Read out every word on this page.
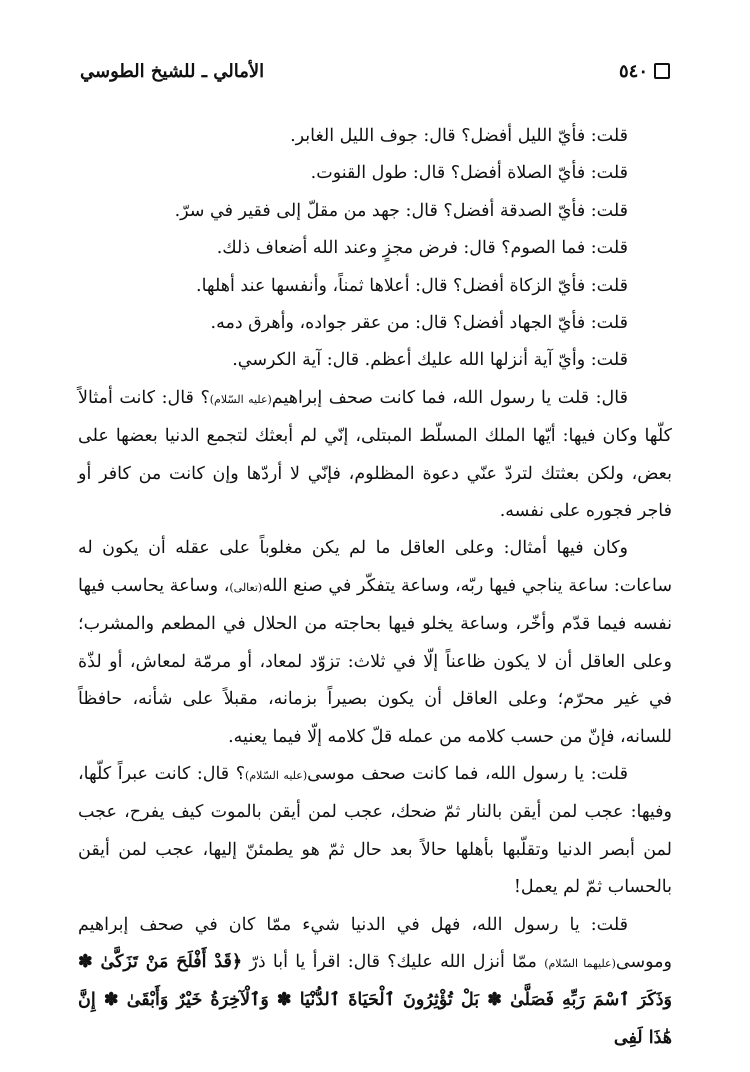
٥٤٠
الأمالي ـ للشيخ الطوسي
قلت: فأيّ الليل أفضل؟ قال: جوف الليل الغابر.
قلت: فأيّ الصلاة أفضل؟ قال: طول القنوت.
قلت: فأيّ الصدقة أفضل؟ قال: جهد من مقلّ إلى فقير في سرّ.
قلت: فما الصوم؟ قال: فرض مجزٍ وعند الله أضعاف ذلك.
قلت: فأيّ الزكاة أفضل؟ قال: أعلاها ثمناً، وأنفسها عند أهلها.
قلت: فأيّ الجهاد أفضل؟ قال: من عقر جواده، وأهرق دمه.
قلت: وأيّ آية أنزلها الله عليك أعظم. قال: آية الكرسي.

قال: قلت يا رسول الله، فما كانت صحف إبراهيم(عليه السّلام)؟ قال: كانت أمثالاً كلّها وكان فيها: أيّها الملك المسلّط المبتلى، إنّي لم أبعثك لتجمع الدنيا بعضها على بعض، ولكن بعثتك لتردّ عنّي دعوة المظلوم، فإنّي لا أردّها وإن كانت من كافر أو فاجر فجوره على نفسه.

وكان فيها أمثال: وعلى العاقل ما لم يكن مغلوباً على عقله أن يكون له ساعات: ساعة يناجي فيها ربّه، وساعة يتفكّر في صنع الله(تعالى)، وساعة يحاسب فيها نفسه فيما قدّم وأخّر، وساعة يخلو فيها بحاجته من الحلال في المطعم والمشرب؛ وعلى العاقل أن لا يكون ظاعناً إلّا في ثلاث: تزوّد لمعاد، أو مرمّة لمعاش، أو لذّة في غير محرّم؛ وعلى العاقل أن يكون بصيراً بزمانه، مقبلاً على شأنه، حافظاً للسانه، فإنّ من حسب كلامه من عمله قلّ كلامه إلّا فيما يعنيه.

قلت: يا رسول الله، فما كانت صحف موسى(عليه السّلام)؟ قال: كانت عبراً كلّها، وفيها: عجب لمن أيقن بالنار ثمّ ضحك، عجب لمن أيقن بالموت كيف يفرح، عجب لمن أبصر الدنيا وتقلّبها بأهلها حالاً بعد حال ثمّ هو يطمئنّ إليها، عجب لمن أيقن بالحساب ثمّ لم يعمل!

قلت: يا رسول الله، فهل في الدنيا شيء ممّا كان في صحف إبراهيم وموسى(عليهما السّلام) ممّا أنزل الله عليك؟ قال: اقرأ يا أبا ذرّ ﴿قَدْ أَفْلَحَ مَنْ تَزَكَّىٰ ✽ وَذَكَرَ ٱسْمَ رَبِّهِ فَصَلَّىٰ ✽ بَلْ تُؤْثِرُونَ ٱلْحَيَاةَ ٱلدُّنْيَا ✽ وَٱلْآخِرَةُ خَيْرٌ وَأَبْقَىٰ ✽ إِنَّ هَٰذَا لَفِى
